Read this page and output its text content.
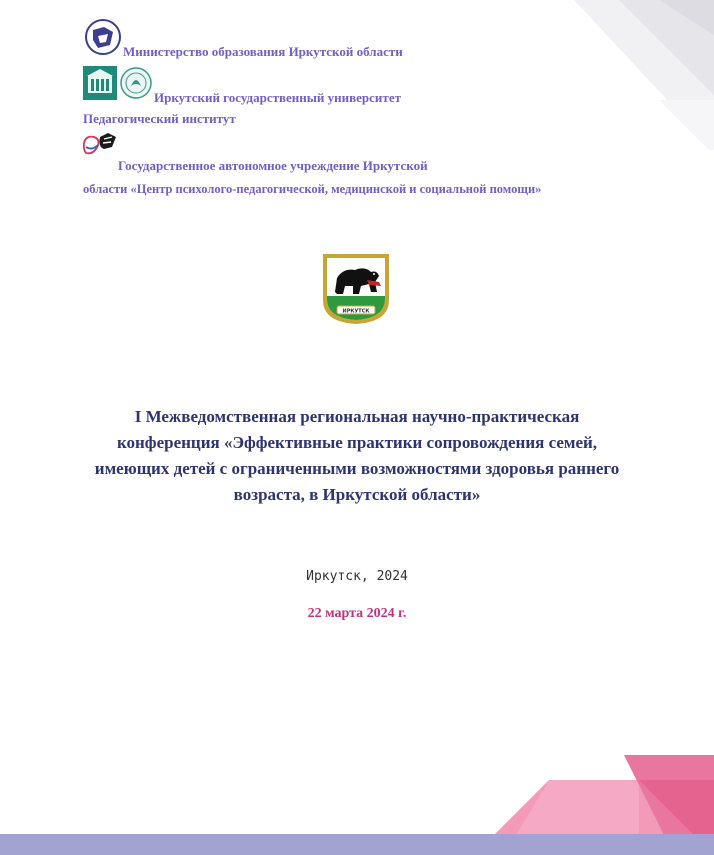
Министерство образования Иркутской области
Иркутский государственный университет
Педагогический институт
Государственное автономное учреждение Иркутской
области «Центр психолого-педагогической, медицинской и социальной помощи»
ИРКУТСК
I Межведомственная региональная научно-практическая
конференция «Эффективные практики сопровождения семей,
имеющих детей с ограниченными возможностями здоровья раннего
возраста, в Иркутской области»
Иркутск, 2024
22 марта 2024 г.
